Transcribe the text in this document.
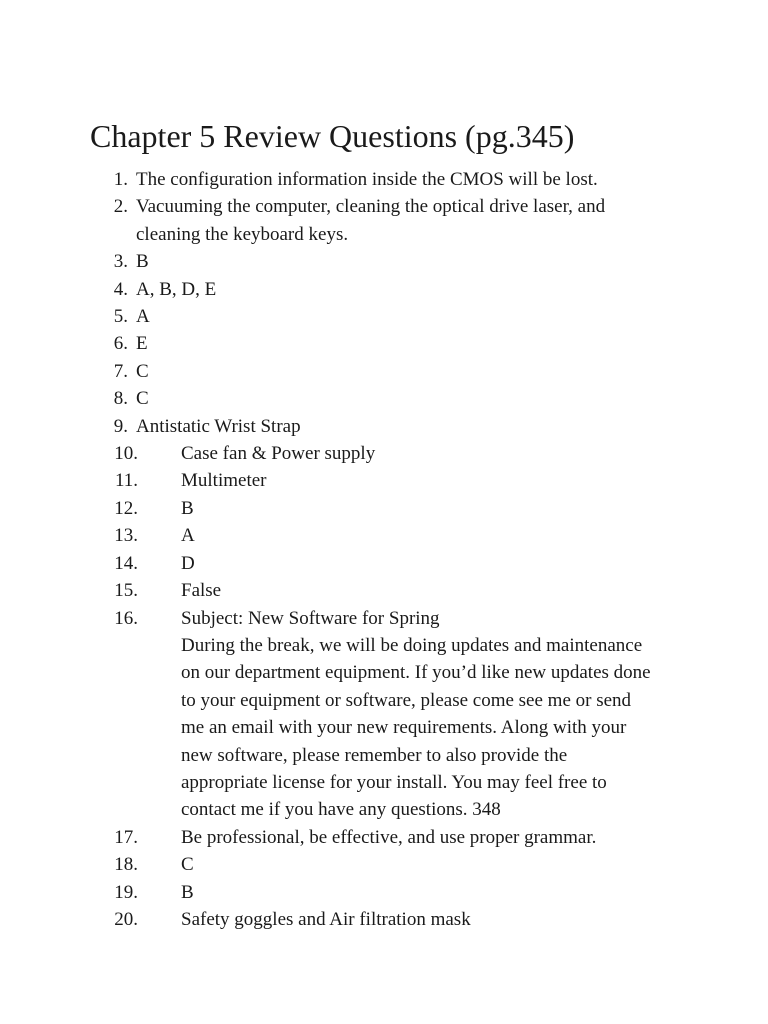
Chapter 5 Review Questions (pg.345)
1. The configuration information inside the CMOS will be lost.
2. Vacuuming the computer, cleaning the optical drive laser, and
cleaning the keyboard keys.
3. B
4. A, B, D, E
5. A
6. E
7. C
8. C
9. Antistatic Wrist Strap
10. Case fan & Power supply
11. Multimeter
12. B
13. A
14. D
15. False
16. Subject: New Software for Spring
During the break, we will be doing updates and maintenance
on our department equipment. If you’d like new updates done
to your equipment or software, please come see me or send
me an email with your new requirements. Along with your
new software, please remember to also provide the
appropriate license for your install. You may feel free to
contact me if you have any questions. 348
17. Be professional, be effective, and use proper grammar.
18. C
19. B
20. Safety goggles and Air filtration mask
